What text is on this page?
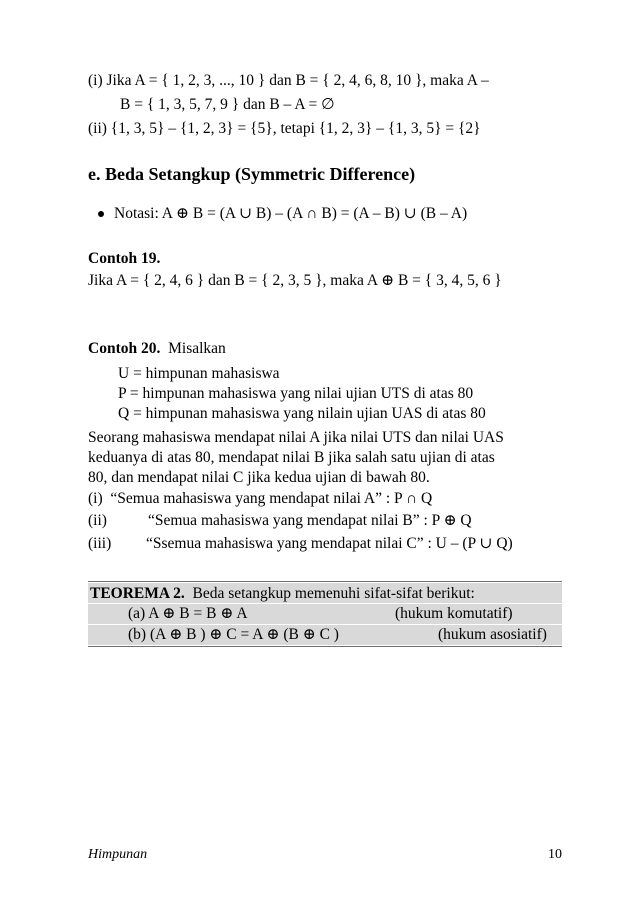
(i) Jika A = { 1, 2, 3, ..., 10 } dan B = { 2, 4, 6, 8, 10 }, maka A –
B = { 1, 3, 5, 7, 9 } dan B – A = ∅
(ii) {1, 3, 5} – {1, 2, 3} = {5}, tetapi {1, 2, 3} – {1, 3, 5} = {2}
e. Beda Setangkup (Symmetric Difference)
Notasi: A ⊕ B = (A ∪ B) – (A ∩ B) = (A – B) ∪ (B – A)
Contoh 19.
Jika A = { 2, 4, 6 } dan B = { 2, 3, 5 }, maka A ⊕ B = { 3, 4, 5, 6 }
Contoh 20. Misalkan
U = himpunan mahasiswa
P = himpunan mahasiswa yang nilai ujian UTS di atas 80
Q = himpunan mahasiswa yang nilain ujian UAS di atas 80
Seorang mahasiswa mendapat nilai A jika nilai UTS dan nilai UAS
keduanya di atas 80, mendapat nilai B jika salah satu ujian di atas
80, dan mendapat nilai C jika kedua ujian di bawah 80.
(i) “Semua mahasiswa yang mendapat nilai A” : P ∩ Q
(ii)	“Semua mahasiswa yang mendapat nilai B” : P ⊕ Q
(iii) “Ssemua mahasiswa yang mendapat nilai C” : U – (P ∪ Q)
TEOREMA 2. Beda setangkup memenuhi sifat-sifat berikut:
(a) A ⊕ B = B ⊕ A	(hukum komutatif)
(b) (A ⊕ B ) ⊕ C = A ⊕ (B ⊕ C )	(hukum asosiatif)
Himpunan	10
